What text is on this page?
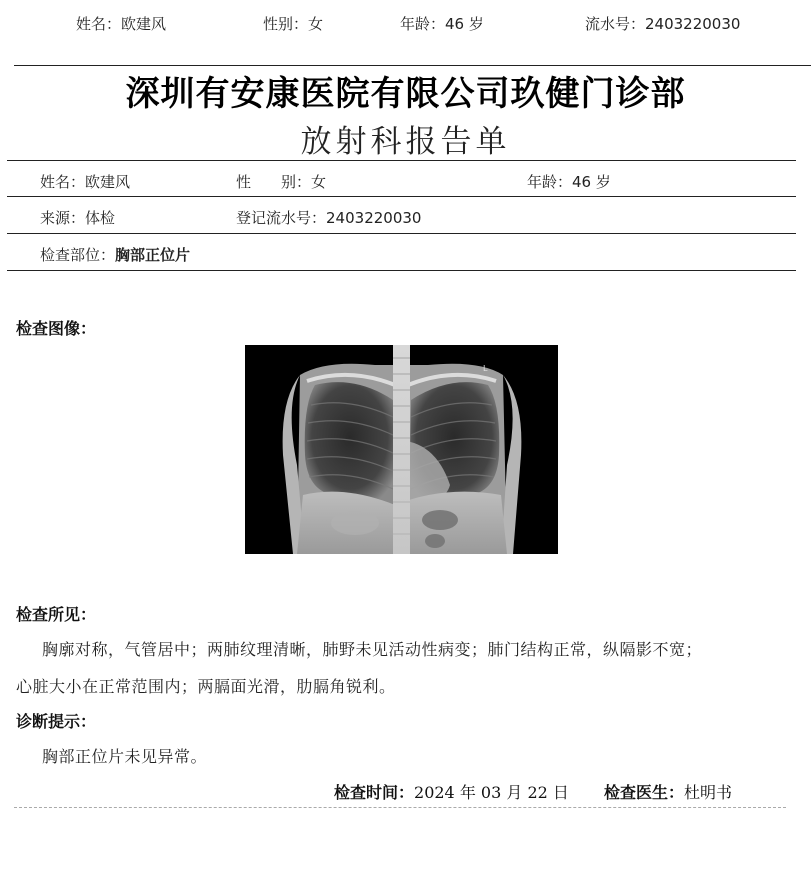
姓名：欧建风	性别：女	年龄：46 岁	流水号：2403220030
深圳有安康医院有限公司玖健门诊部
放射科报告单
姓名：欧建风	性　　别：女	年龄：46 岁
来源：体检	登记流水号：2403220030
检查部位：胸部正位片
检查图像：
L
检查所见：
胸廓对称，气管居中；两肺纹理清晰，肺野未见活动性病变；肺门结构正常，纵隔影不宽；
心脏大小在正常范围内；两膈面光滑，肋膈角锐利。
诊断提示：
胸部正位片未见异常。
检查时间：2024 年 03 月 22 日 检查医生：杜明书
